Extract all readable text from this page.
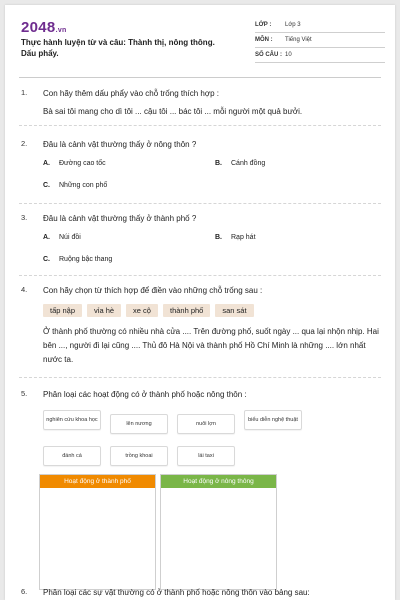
2048.vn
Thực hành luyện từ và câu: Thành thị, nông thông. Dấu phẩy.
LỚP :	Lớp 3
MÔN :	Tiếng Việt
SỐ CÂU : 10
1. Con hãy thêm dấu phẩy vào chỗ trống thích hợp :
Bà sai tôi mang cho dì tôi ... cậu tôi ... bác tôi ... mỗi người một quả bưởi.
2. Đâu là cảnh vật thường thấy ở nông thôn ?
A. Đường cao tốc	B. Cánh đồng
C. Những con phố
3. Đâu là cảnh vật thường thấy ở thành phố ?
A. Núi đồi	B. Rạp hát
C. Ruộng bậc thang
4. Con hãy chọn từ thích hợp để điền vào những chỗ trống sau :
tấp nập	vỉa hè	xe cộ	thành phố	san sát
Ở thành phố thường có nhiều nhà cửa .... Trên đường phố, suốt ngày ... qua lại nhộn nhịp. Hai bên ..., người đi lại cũng .... Thủ đô Hà Nội và thành phố Hồ Chí Minh là những .... lớn nhất nước ta.
5. Phân loại các hoạt động có ở thành phố hoặc nông thôn :
nghiên cứu khoa học
lên nương	nuôi lợn
biểu diễn nghệ thuật
đánh cá	trồng khoai	lái taxi
Hoạt động ở thành phố	Hoạt động ở nông thông
6. Phân loại các sự vật thường có ở thành phố hoặc nông thôn vào bảng sau:
